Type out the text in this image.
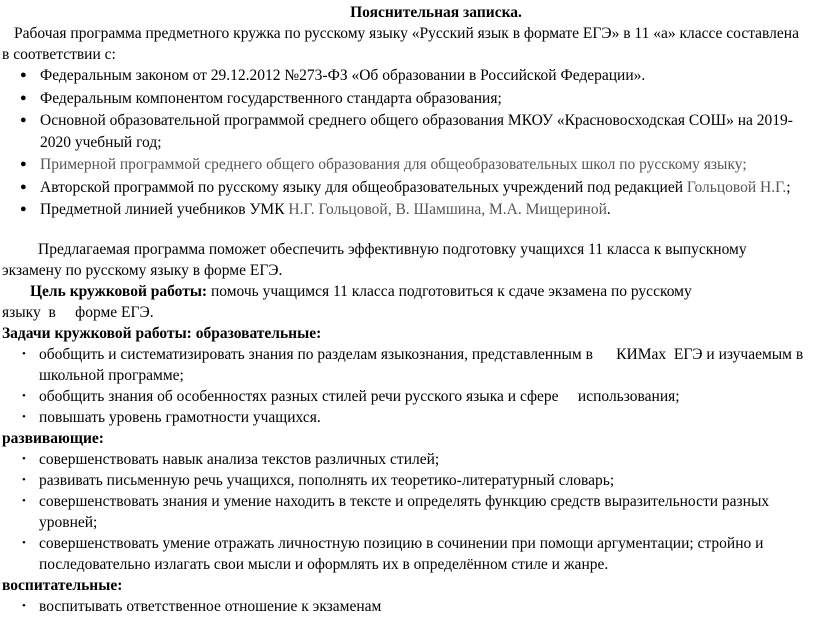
Пояснительная записка.

Рабочая программа предметного кружка по русскому языку «Русский язык в формате ЕГЭ» в 11 «а» классе составлена в соответствии с:

● Федеральным законом от 29.12.2012 №273-ФЗ «Об образовании в Российской Федерации».
● Федеральным компонентом государственного стандарта образования;
● Основной образовательной программой среднего общего образования МКОУ «Красновосходская СОШ» на 2019-2020 учебный год;
● Примерной программой среднего общего образования для общеобразовательных школ по русскому языку;
● Авторской программой по русскому языку для общеобразовательных учреждений под редакцией Гольцовой Н.Г.;
● Предметной линией учебников УМК Н.Г. Гольцовой, В. Шамшина, М.А. Мищериной.

Предлагаемая программа поможет обеспечить эффективную подготовку учащихся 11 класса к выпускному экзамену по русскому языку в форме ЕГЭ.

Цель кружковой работы: помочь учащимся 11 класса подготовиться к сдаче экзамена по русскому

языку  в     форме ЕГЭ.

Задачи кружковой работы: образовательные:

• обобщить и систематизировать знания по разделам языкознания, представленным в      КИМах  ЕГЭ и изучаемым в школьной программе;
• обобщить знания об особенностях разных стилей речи русского языка и сфере     использования;
• повышать уровень грамотности учащихся.

развивающие:

• совершенствовать навык анализа текстов различных стилей;
• развивать письменную речь учащихся, пополнять их теоретико-литературный словарь;
• совершенствовать знания и умение находить в тексте и определять функцию средств выразительности разных уровней;
• совершенствовать умение отражать личностную позицию в сочинении при помощи аргументации; стройно и последовательно излагать свои мысли и оформлять их в определённом стиле и жанре.

воспитательные:

• воспитывать ответственное отношение к экзаменам
